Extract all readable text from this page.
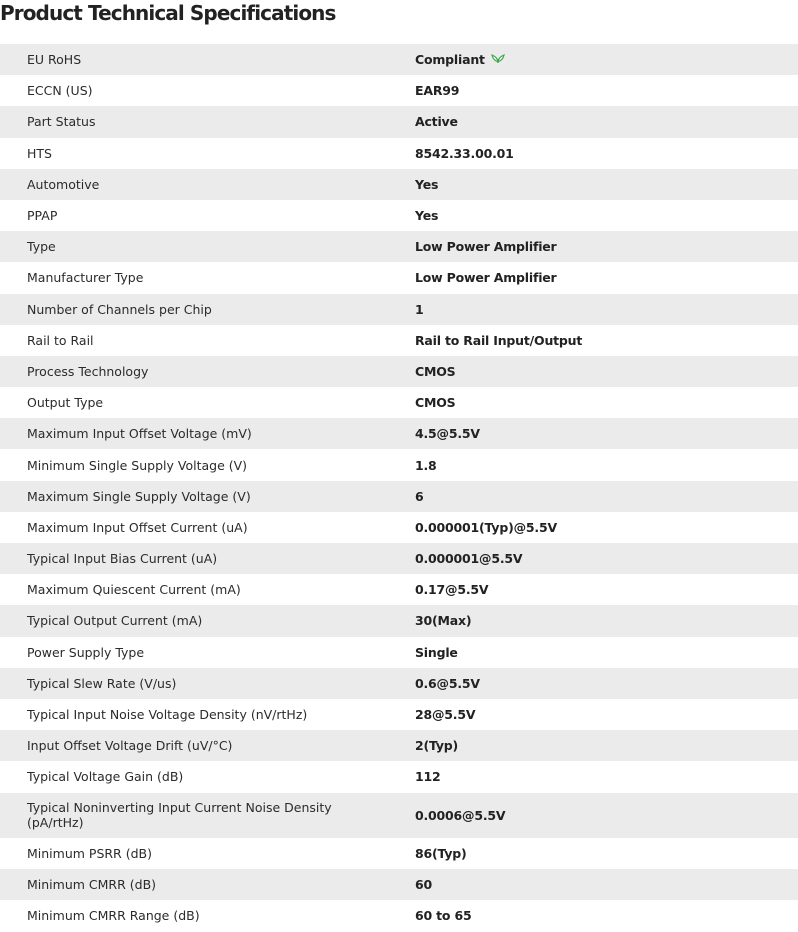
Product Technical Specifications
EU RoHS	Compliant
ECCN (US)	EAR99
Part Status	Active
HTS	8542.33.00.01
Automotive	Yes
PPAP	Yes
Type	Low Power Amplifier
Manufacturer Type	Low Power Amplifier
Number of Channels per Chip	1
Rail to Rail	Rail to Rail Input/Output
Process Technology	CMOS
Output Type	CMOS
Maximum Input Offset Voltage (mV)	4.5@5.5V
Minimum Single Supply Voltage (V)	1.8
Maximum Single Supply Voltage (V)	6
Maximum Input Offset Current (uA)	0.000001(Typ)@5.5V
Typical Input Bias Current (uA)	0.000001@5.5V
Maximum Quiescent Current (mA)	0.17@5.5V
Typical Output Current (mA)	30(Max)
Power Supply Type	Single
Typical Slew Rate (V/us)	0.6@5.5V
Typical Input Noise Voltage Density (nV/rtHz)	28@5.5V
Input Offset Voltage Drift (uV/°C)	2(Typ)
Typical Voltage Gain (dB)	112
Typical Noninverting Input Current Noise Density (pA/rtHz)	0.0006@5.5V
Minimum PSRR (dB)	86(Typ)
Minimum CMRR (dB)	60
Minimum CMRR Range (dB)	60 to 65
